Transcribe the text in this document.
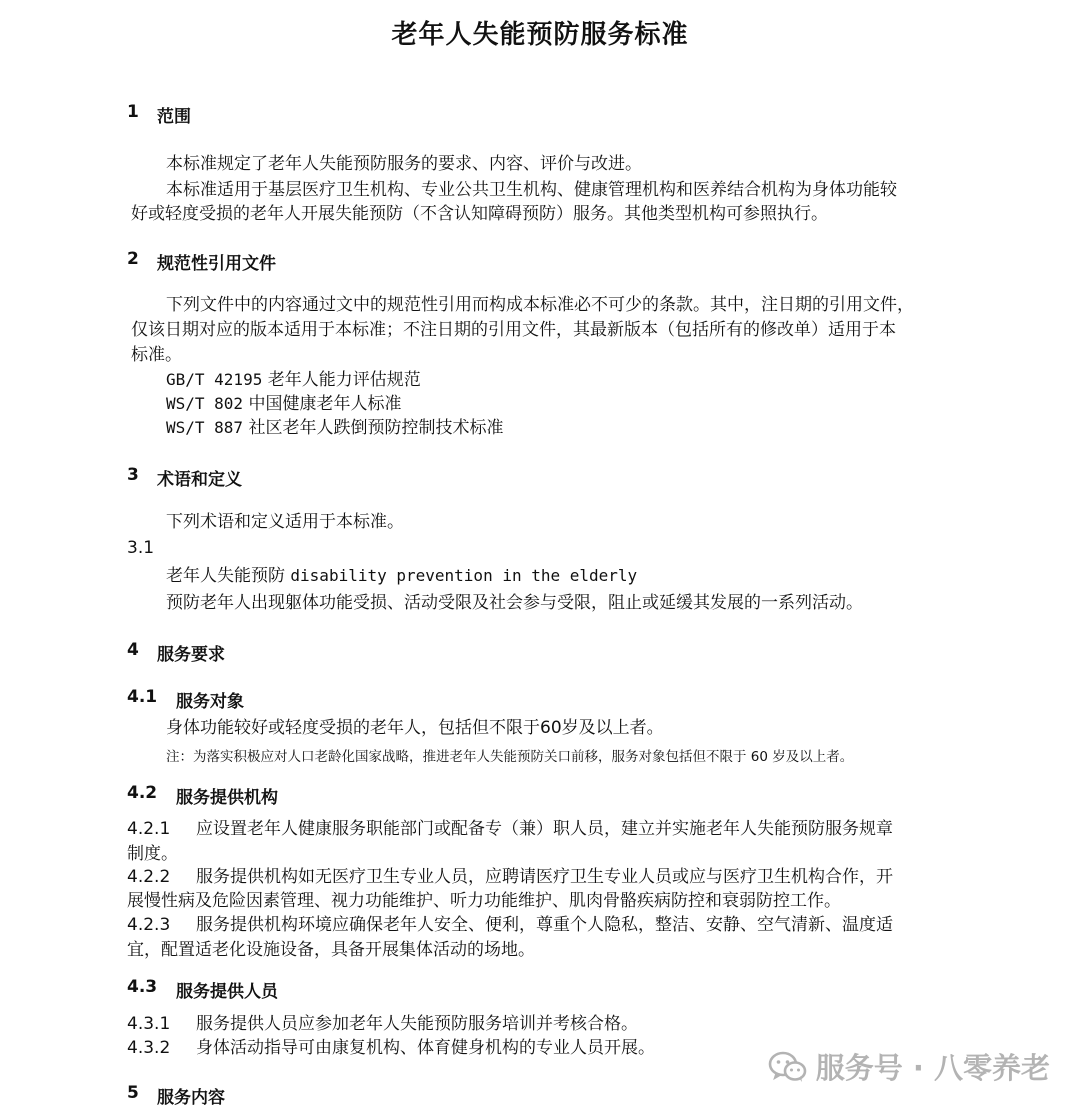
老年人失能预防服务标准
1 范围

本标准规定了老年人失能预防服务的要求、内容、评价与改进。

本标准适用于基层医疗卫生机构、专业公共卫生机构、健康管理机构和医养结合机构为身体功能较

好或轻度受损的老年人开展失能预防（不含认知障碍预防）服务。其他类型机构可参照执行。

2 规范性引用文件

下列文件中的内容通过文中的规范性引用而构成本标准必不可少的条款。其中，注日期的引用文件，

仅该日期对应的版本适用于本标准；不注日期的引用文件，其最新版本（包括所有的修改单）适用于本

标准。

GB/T 42195 老年人能力评估规范
WS/T 802 中国健康老年人标准
WS/T 887 社区老年人跌倒预防控制技术标准
3 术语和定义

下列术语和定义适用于本标准。

3.1
老年人失能预防 disability prevention in the elderly

预防老年人出现躯体功能受损、活动受限及社会参与受限，阻止或延缓其发展的一系列活动。

4 服务要求
4.1 服务对象

身体功能较好或轻度受损的老年人，包括但不限于60岁及以上者。

注：为落实积极应对人口老龄化国家战略，推进老年人失能预防关口前移，服务对象包括但不限于 60 岁及以上者。

4.2 服务提供机构
4.2.1 应设置老年人健康服务职能部门或配备专（兼）职人员，建立并实施老年人失能预防服务规章

制度。

4.2.2 服务提供机构如无医疗卫生专业人员，应聘请医疗卫生专业人员或应与医疗卫生机构合作，开

展慢性病及危险因素管理、视力功能维护、听力功能维护、肌肉骨骼疾病防控和衰弱防控工作。

4.2.3 服务提供机构环境应确保老年人安全、便利，尊重个人隐私，整洁、安静、空气清新、温度适

宜，配置适老化设施设备，具备开展集体活动的场地。

4.3 服务提供人员
4.3.1 服务提供人员应参加老年人失能预防服务培训并考核合格。

4.3.2 身体活动指导可由康复机构、体育健身机构的专业人员开展。

5 服务内容
服务号 · 八零养老
